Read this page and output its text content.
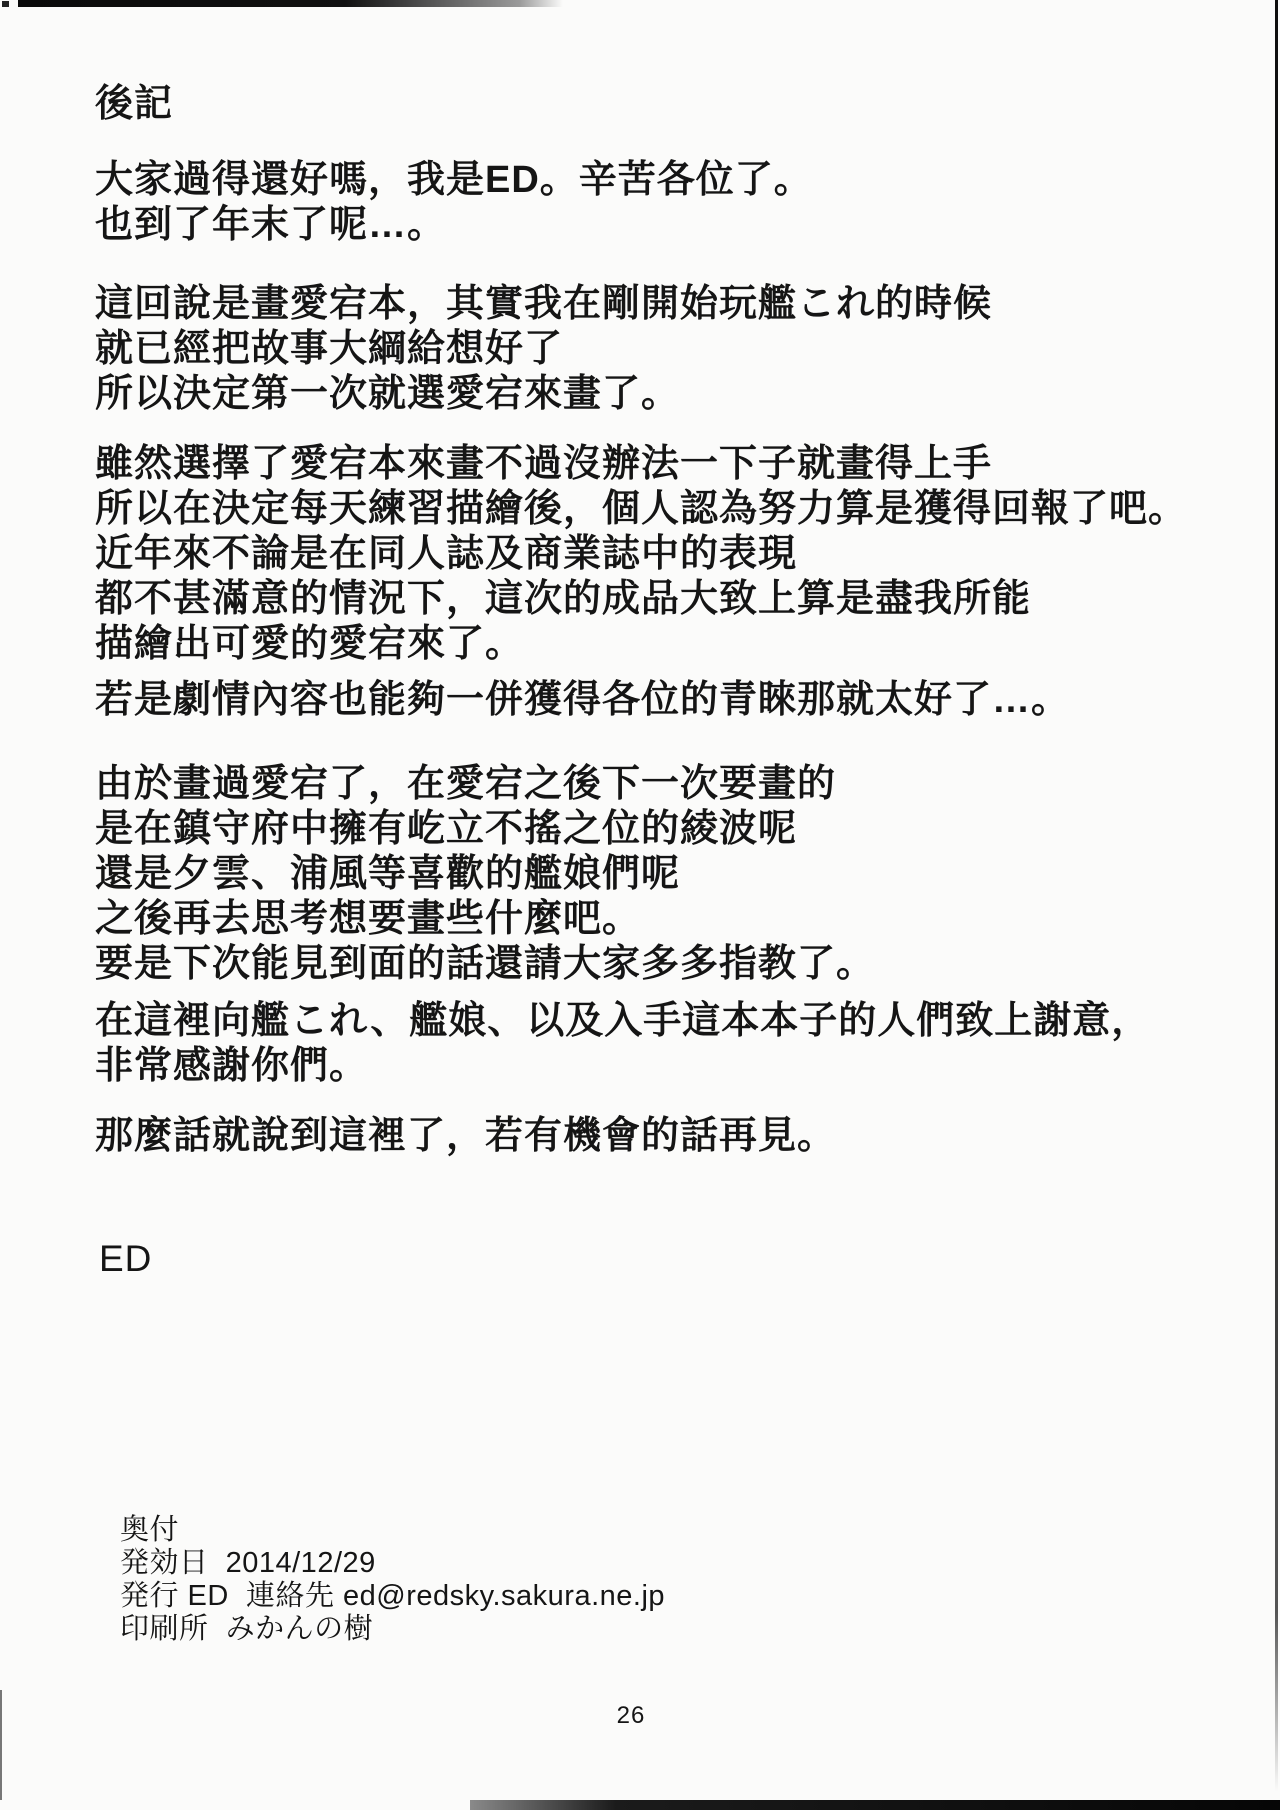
後記
大家過得還好嗎，我是ED。辛苦各位了。
也到了年末了呢…。
這回說是畫愛宕本，其實我在剛開始玩艦これ的時候
就已經把故事大綱給想好了
所以決定第一次就選愛宕來畫了。
雖然選擇了愛宕本來畫不過沒辦法一下子就畫得上手
所以在決定每天練習描繪後，個人認為努力算是獲得回報了吧。
近年來不論是在同人誌及商業誌中的表現
都不甚滿意的情況下，這次的成品大致上算是盡我所能
描繪出可愛的愛宕來了。
若是劇情內容也能夠一併獲得各位的青睞那就太好了…。
由於畫過愛宕了，在愛宕之後下一次要畫的
是在鎮守府中擁有屹立不搖之位的綾波呢
還是夕雲、浦風等喜歡的艦娘們呢
之後再去思考想要畫些什麼吧。
要是下次能見到面的話還請大家多多指教了。
在這裡向艦これ、艦娘、以及入手這本本子的人們致上謝意，
非常感謝你們。
那麼話就說到這裡了，若有機會的話再見。
ED
奥付
発効日  2014/12/29
発行 ED  連絡先 ed@redsky.sakura.ne.jp
印刷所  みかんの樹
26
